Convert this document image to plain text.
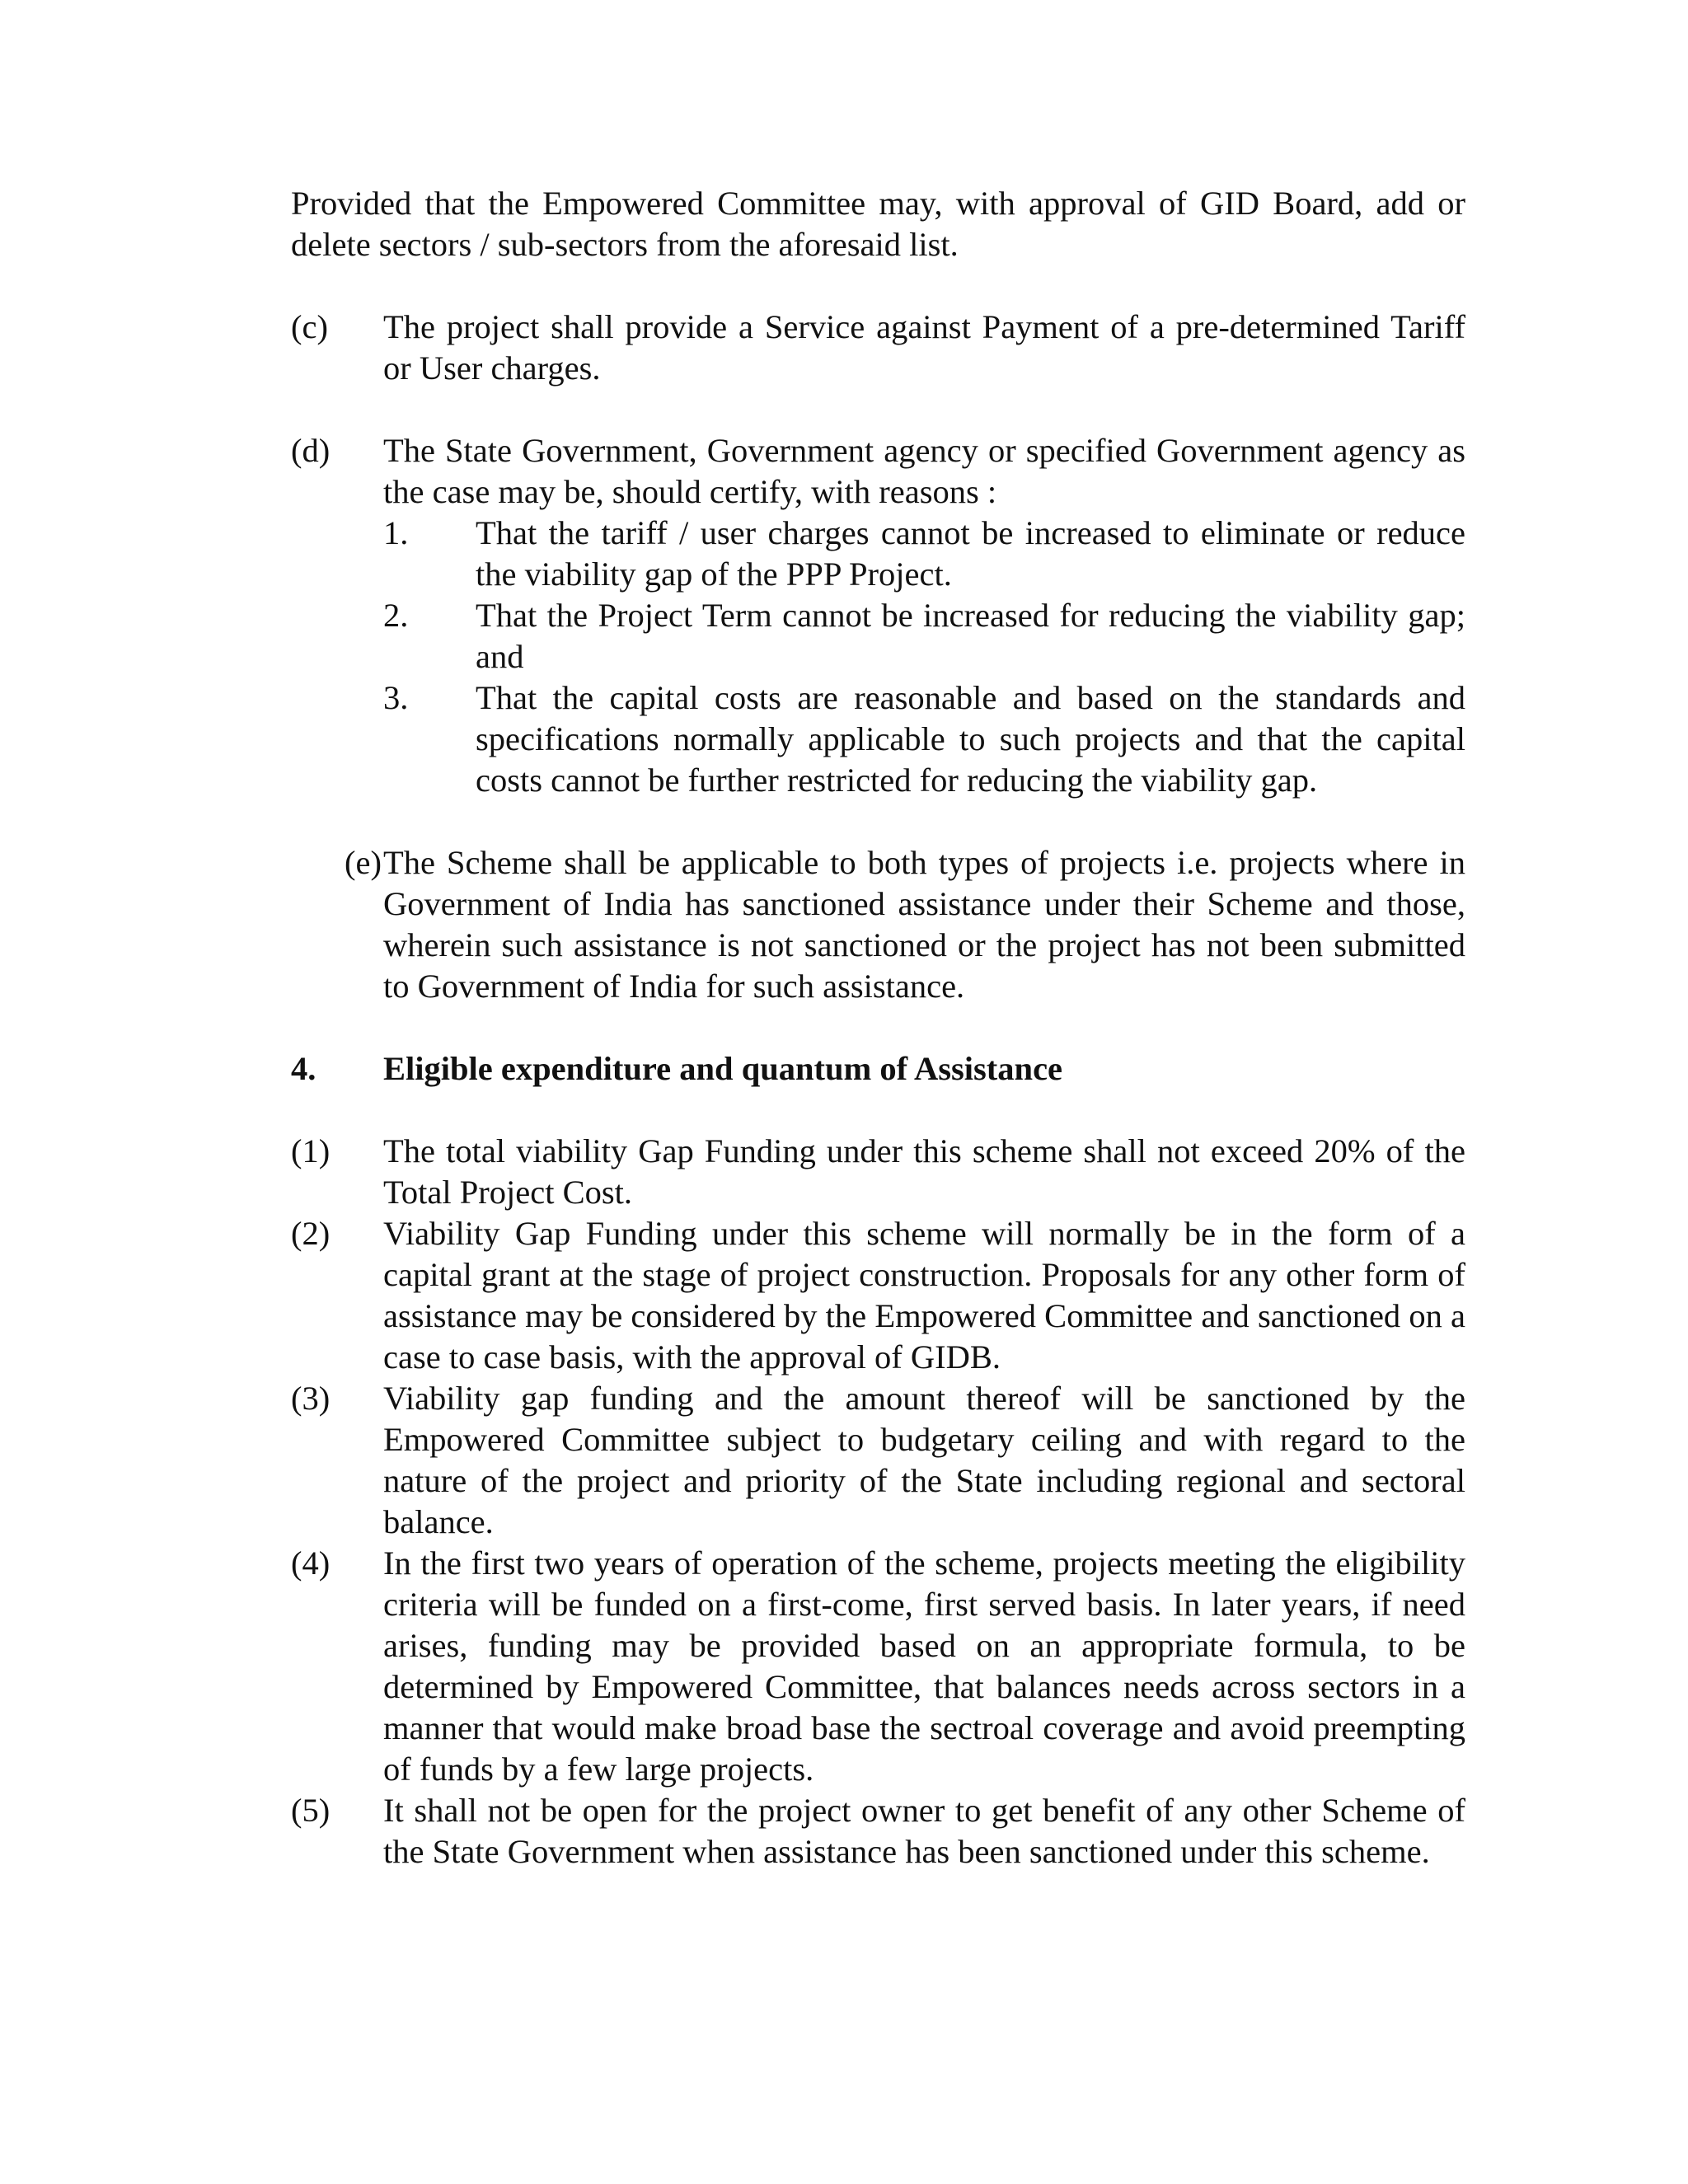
Provided that the Empowered Committee may, with approval of GID Board, add or delete sectors / sub-sectors from the aforesaid list.

(c)	The project shall provide a Service against Payment of a pre-determined Tariff or User charges.
(d)	The State Government, Government agency or specified Government agency as the case may be, should certify, with reasons :
1.	That the tariff / user charges cannot be increased to eliminate or reduce the viability gap of the PPP Project.
2.	That the Project Term cannot be increased for reducing the viability gap; and
3.	That the capital costs are reasonable and based on the standards and specifications normally applicable to such projects and that the capital costs cannot be further restricted for reducing the viability gap.
(e) The Scheme shall be applicable to both types of projects i.e. projects where in Government of India has sanctioned assistance under their Scheme and those, wherein such assistance is not sanctioned or the project has not been submitted to Government of India for such assistance.
4.	Eligible expenditure and quantum of Assistance
(1)	The total viability Gap Funding under this scheme shall not exceed 20% of the Total Project Cost.
(2)	Viability Gap Funding under this scheme will normally be in the form of a capital grant at the stage of project construction. Proposals for any other form of assistance may be considered by the Empowered Committee and sanctioned on a case to case basis, with the approval of GIDB.
(3)	Viability gap funding and the amount thereof will be sanctioned by the Empowered Committee subject to budgetary ceiling and with regard to the nature of the project and priority of the State including regional and sectoral balance.
(4)	In the first two years of operation of the scheme, projects meeting the eligibility criteria will be funded on a first-come, first served basis. In later years, if need arises, funding may be provided based on an appropriate formula, to be determined by Empowered Committee, that balances needs across sectors in a manner that would make broad base the sectroal coverage and avoid preempting of funds by a few large projects.
(5)	It shall not be open for the project owner to get benefit of any other Scheme of the State Government when assistance has been sanctioned under this scheme.
